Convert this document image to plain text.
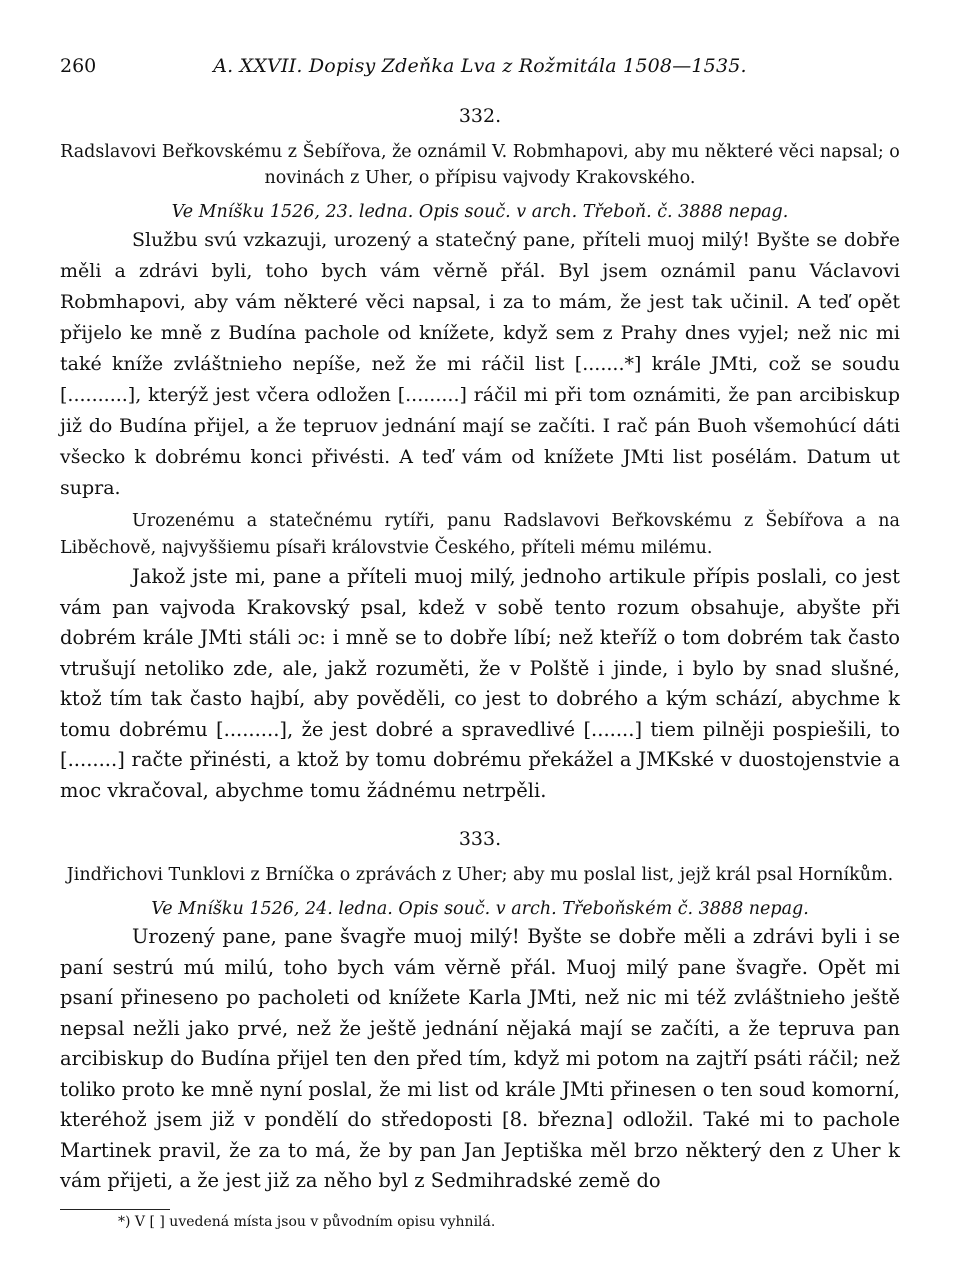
260	A. XXVII. Dopisy Zdeňka Lva z Rožmitála 1508—1535.
332.
Radslavovi Beřkovskému z Šebířova, že oznámil V. Robmhapovi, aby mu některé věci napsal; o novinách z Uher, o přípisu vajvody Krakovského.
Ve Mníšku 1526, 23. ledna. Opis souč. v arch. Třeboň. č. 3888 nepag.

Službu svú vzkazuji, urozený a statečný pane, příteli muoj milý! Byšte se dobře měli a zdrávi byli, toho bych vám věrně přál. Byl jsem oznámil panu Václavovi Robmhapovi, aby vám některé věci napsal, i za to mám, že jest tak učinil. A teď opět přijelo ke mně z Budína pachole od knížete, když sem z Prahy dnes vyjel; než nic mi také kníže zvláštnieho nepíše, než že mi ráčil list [.......*] krále JMti, což se soudu [..........], kterýž jest včera odložen [.........] ráčil mi při tom oznámiti, že pan arcibiskup již do Budína přijel, a že tepruov jednání mají se začíti. I rač pán Buoh všemohúcí dáti všecko k dobrému konci přivésti. A teď vám od knížete JMti list posélám. Datum ut supra.

Urozenému a statečnému rytíři, panu Radslavovi Beřkovskému z Šebířova a na Liběchově, najvyššiemu písaři královstvie Českého, příteli mému milému.

Jakož jste mi, pane a příteli muoj milý, jednoho artikule přípis poslali, co jest vám pan vajvoda Krakovský psal, kdež v sobě tento rozum obsahuje, abyšte při dobrém krále JMti stáli ɔc: i mně se to dobře líbí; než kteříž o tom dobrém tak často vtrušují netoliko zde, ale, jakž rozuměti, že v Polště i jinde, i bylo by snad slušné, ktož tím tak často hajbí, aby pověděli, co jest to dobrého a kým schází, abychme k tomu dobrému [.........], že jest dobré a spravedlivé [.......] tiem pilněji pospiešili, to [........] račte přinésti, a ktož by tomu dobrému překážel a JMKské v duostojenstvie a moc vkračoval, abychme tomu žádnému netrpěli.

333.
Jindřichovi Tunklovi z Brníčka o zprávách z Uher; aby mu poslal list, jejž král psal Horníkům.
Ve Mníšku 1526, 24. ledna. Opis souč. v arch. Třeboňském č. 3888 nepag.

Urozený pane, pane švagře muoj milý! Byšte se dobře měli a zdrávi byli i se paní sestrú mú milú, toho bych vám věrně přál. Muoj milý pane švagře. Opět mi psaní přineseno po pacholeti od knížete Karla JMti, než nic mi též zvláštnieho ještě nepsal nežli jako prvé, než že ještě jednání nějaká mají se začíti, a že tepruva pan arcibiskup do Budína přijel ten den před tím, když mi potom na zajtří psáti ráčil; než toliko proto ke mně nyní poslal, že mi list od krále JMti přinesen o ten soud komorní, kteréhož jsem již v pondělí do středoposti [8. března] odložil. Také mi to pachole Martinek pravil, že za to má, že by pan Jan Jeptiška měl brzo některý den z Uher k vám přijeti, a že jest již za něho byl z Sedmihradské země do

*) V [ ] uvedená místa jsou v původním opisu vyhnilá.
